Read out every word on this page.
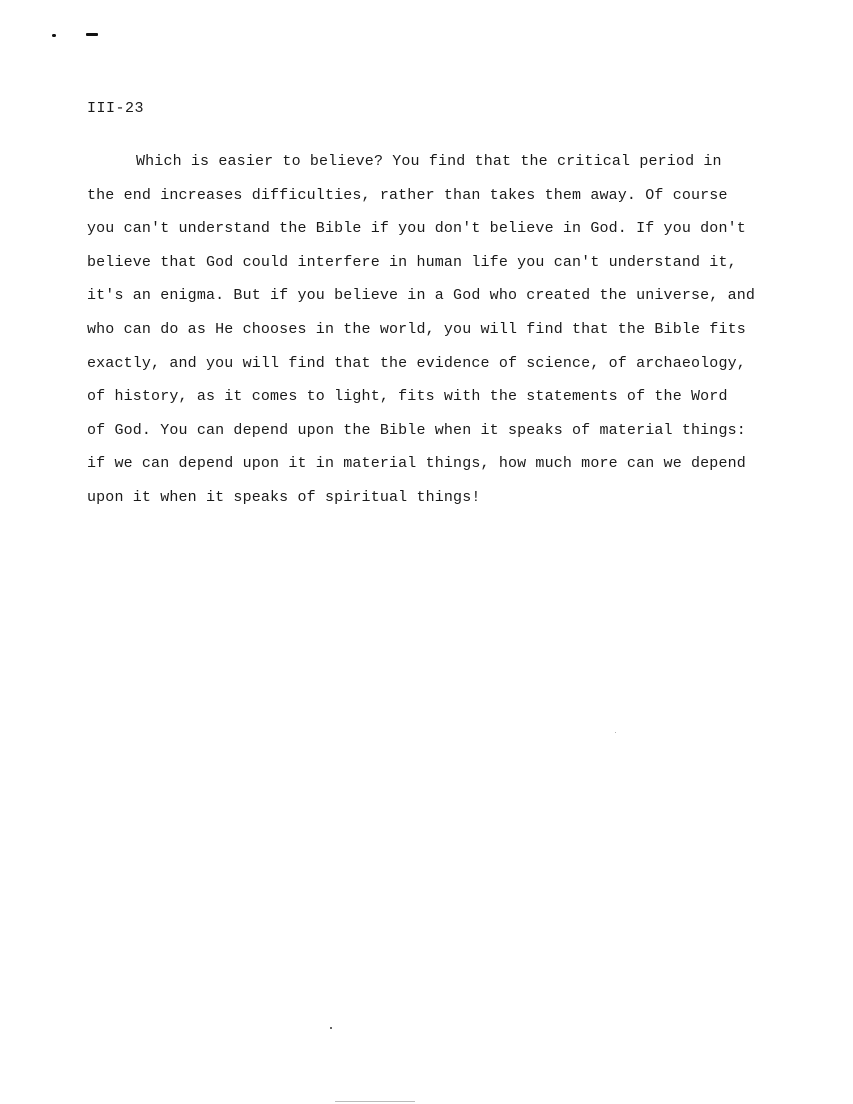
III-23
Which is easier to believe? You find that the critical period in
the end increases difficulties, rather than takes them away. Of course
you can't understand the Bible if you don't believe in God. If you don't
believe that God could interfere in human life you can't understand it,
it's an enigma. But if you believe in a God who created the universe, and
who can do as He chooses in the world, you will find that the Bible fits
exactly, and you will find that the evidence of science, of archaeology,
of history, as it comes to light, fits with the statements of the Word
of God. You can depend upon the Bible when it speaks of material things:
if we can depend upon it in material things, how much more can we depend
upon it when it speaks of spiritual things!
